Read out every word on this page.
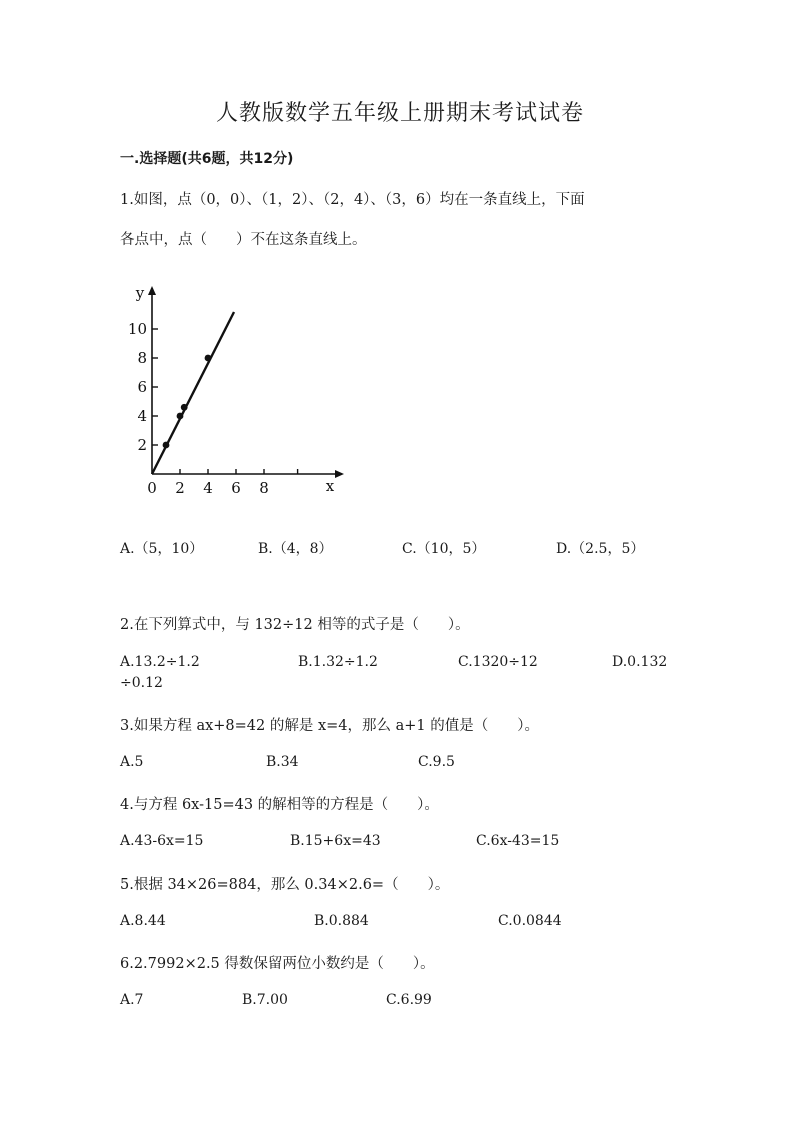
人教版数学五年级上册期末考试试卷
一.选择题(共6题，共12分)
1.如图，点（0，0）、（1，2）、（2，4）、（3，6）均在一条直线上，下面
各点中，点（　　）不在这条直线上。
0 2 4 6 8
2
4
6
8
10
x
y
A.（5，10）	B.（4，8）	C.（10，5）	D.（2.5，5）
2.在下列算式中，与 132÷12 相等的式子是（　　）。
A.13.2÷1.2	B.1.32÷1.2	C.1320÷12	D.0.132
÷0.12
3.如果方程 ax+8=42 的解是 x=4，那么 a+1 的值是（　　）。
A.5	B.34	C.9.5
4.与方程 6x-15=43 的解相等的方程是（　　）。
A.43-6x=15	B.15+6x=43	C.6x-43=15
5.根据 34×26=884，那么 0.34×2.6=（　　）。
A.8.44	B.0.884	C.0.0844
6.2.7992×2.5 得数保留两位小数约是（　　）。
A.7	B.7.00	C.6.99
